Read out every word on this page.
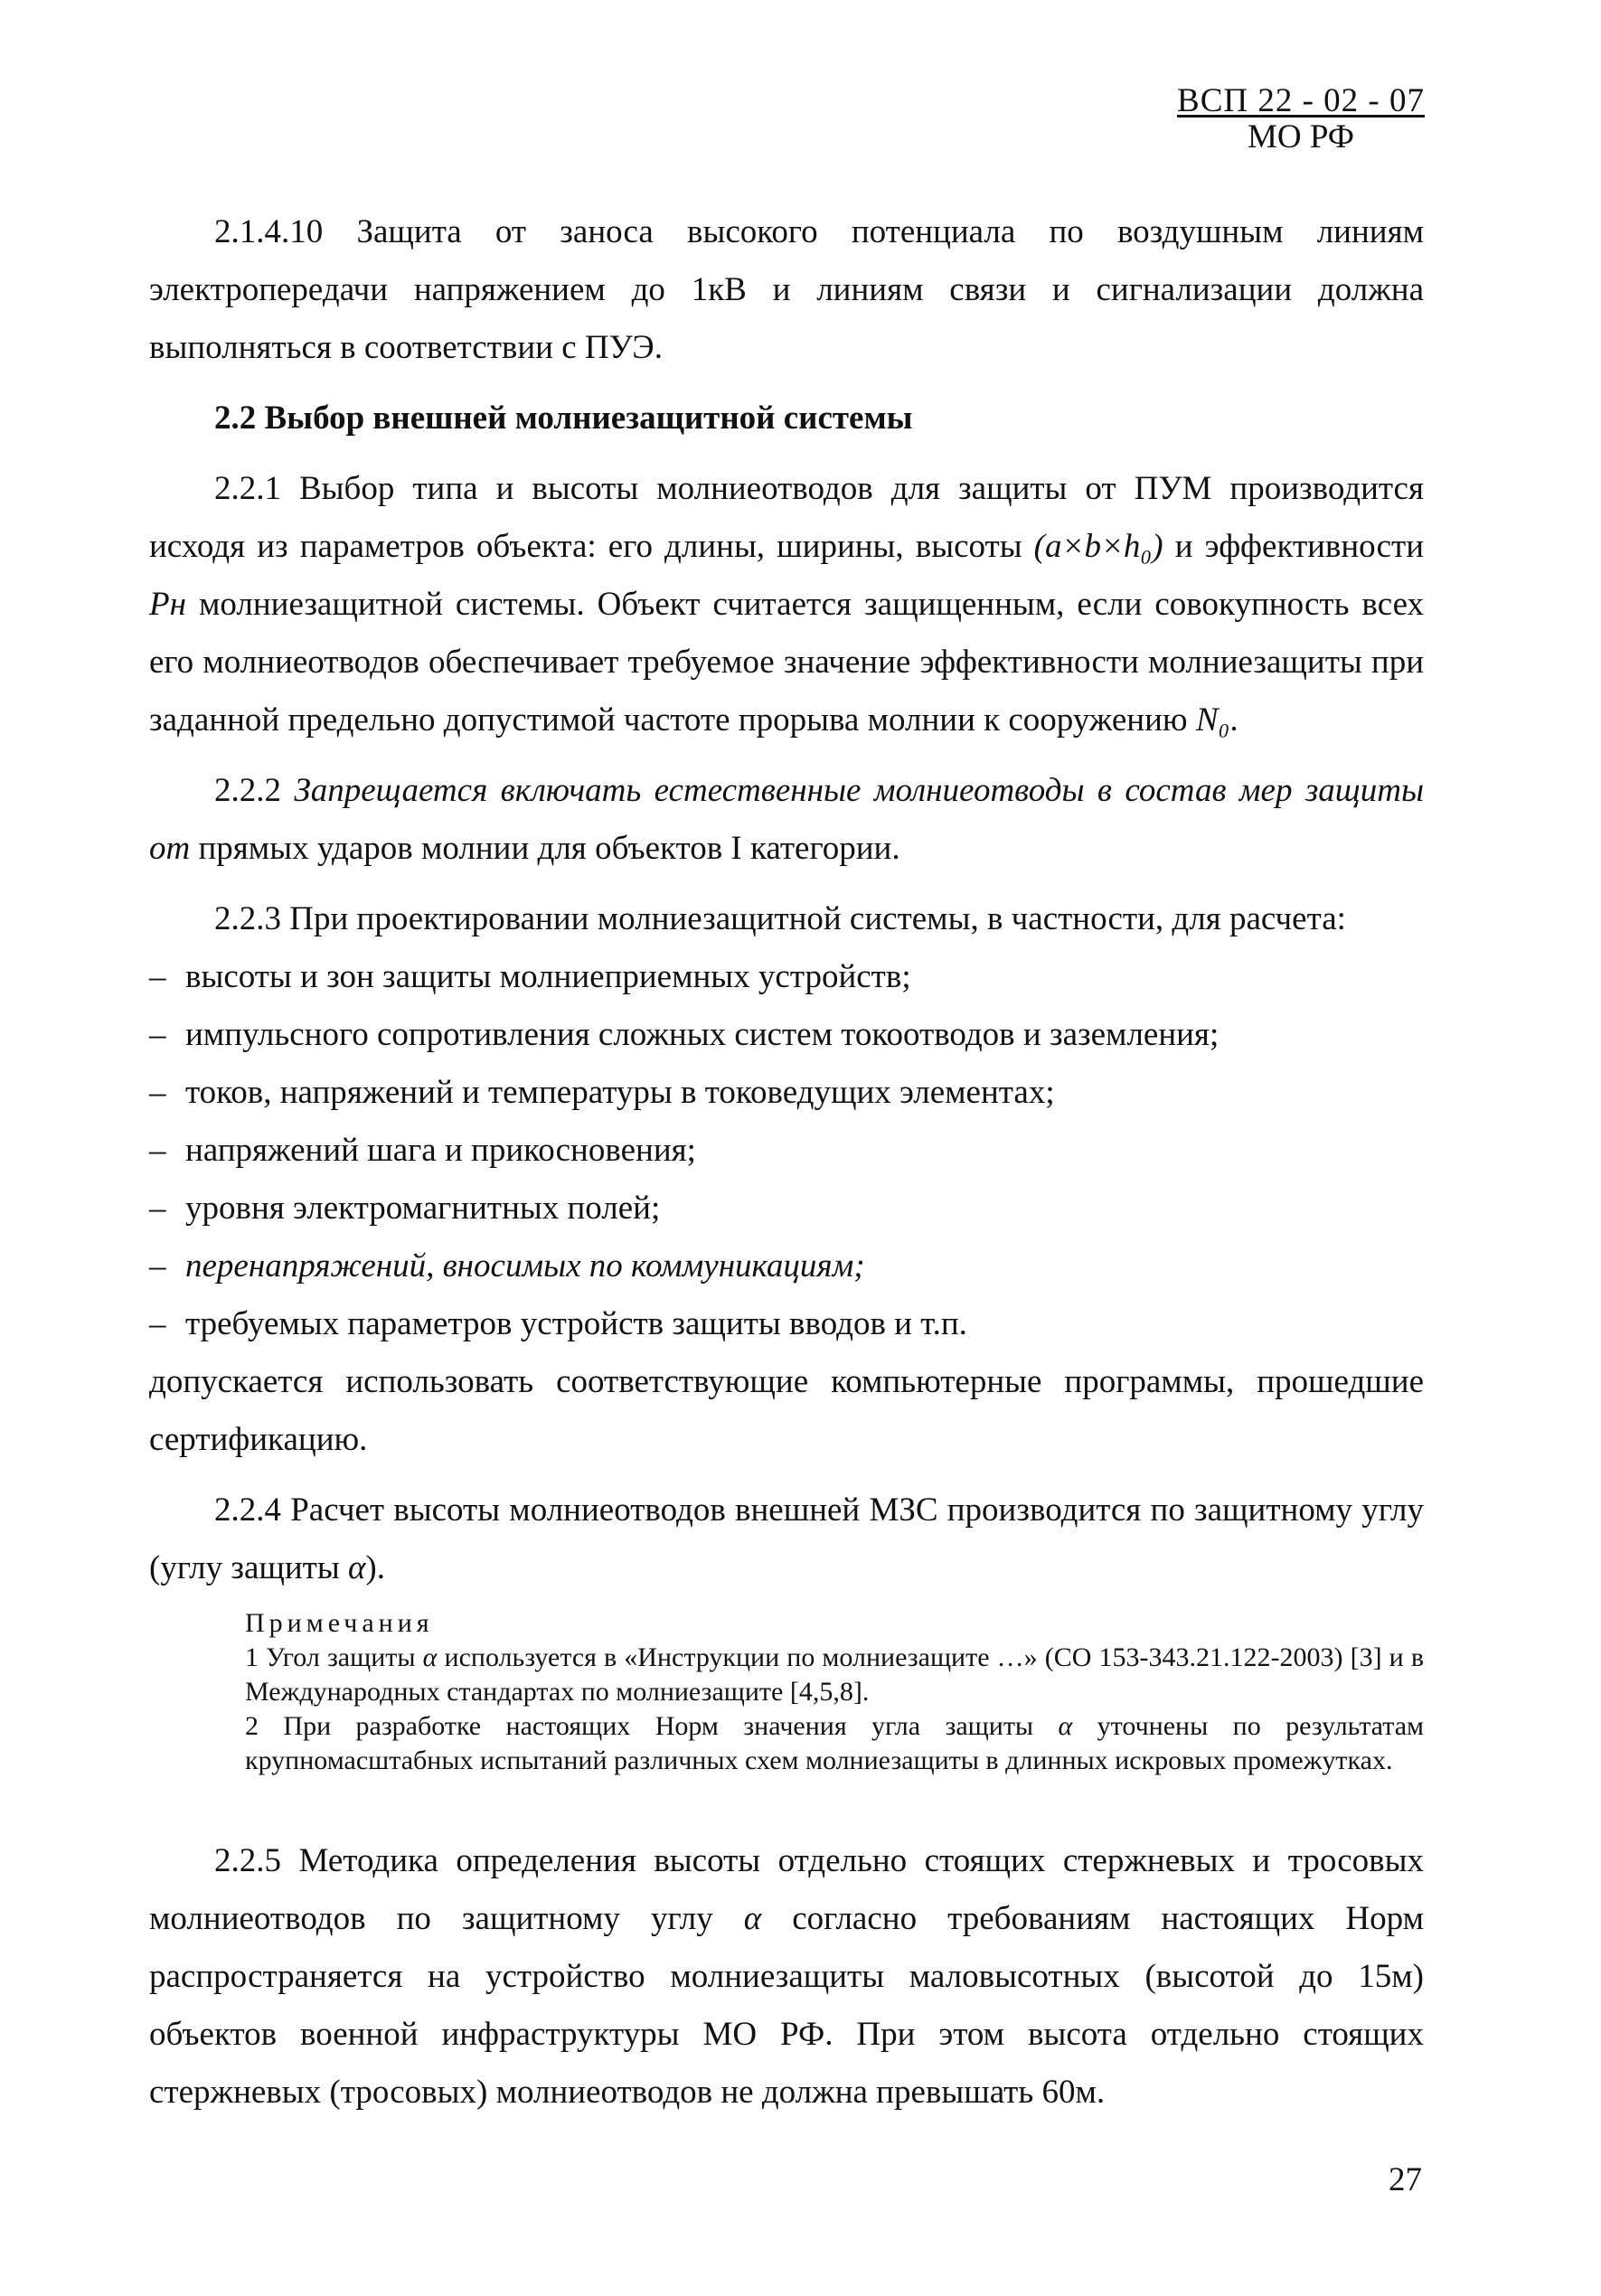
ВСП 22 - 02 - 07
МО РФ

2.1.4.10 Защита от заноса высокого потенциала по воздушным линиям электропередачи напряжением до 1кВ и линиям связи и сигнализации должна выполняться в соответствии с ПУЭ.

2.2 Выбор внешней молниезащитной системы

2.2.1 Выбор типа и высоты молниеотводов для защиты от ПУМ производится исходя из параметров объекта: его длины, ширины, высоты (a×b×h₀) и эффективности Pн молниезащитной системы. Объект считается защищенным, если совокупность всех его молниеотводов обеспечивает требуемое значение эффективности молниезащиты при заданной предельно допустимой частоте прорыва молнии к сооружению N₀.

2.2.2 Запрещается включать естественные молниеотводы в состав мер защиты от прямых ударов молнии для объектов I категории.

2.2.3 При проектировании молниезащитной системы, в частности, для расчета:

– высоты и зон защиты молниеприемных устройств;
– импульсного сопротивления сложных систем токоотводов и заземления;
– токов, напряжений и температуры в токоведущих элементах;
– напряжений шага и прикосновения;
– уровня электромагнитных полей;
– перенапряжений, вносимых по коммуникациям;
– требуемых параметров устройств защиты вводов и т.п.

допускается использовать соответствующие компьютерные программы, прошедшие сертификацию.

2.2.4 Расчет высоты молниеотводов внешней МЗС производится по защитному углу (углу защиты α).

Примечания

1 Угол защиты α используется в «Инструкции по молниезащите …» (СО 153-343.21.122-2003) [3] и в Международных стандартах по молниезащите [4,5,8].

2 При разработке настоящих Норм значения угла защиты α уточнены по результатам крупномасштабных испытаний различных схем молниезащиты в длинных искровых промежутках.

2.2.5 Методика определения высоты отдельно стоящих стержневых и тросовых молниеотводов по защитному углу α согласно требованиям настоящих Норм распространяется на устройство молниезащиты маловысотных (высотой до 15м) объектов военной инфраструктуры МО РФ. При этом высота отдельно стоящих стержневых (тросовых) молниеотводов не должна превышать 60м.

27
